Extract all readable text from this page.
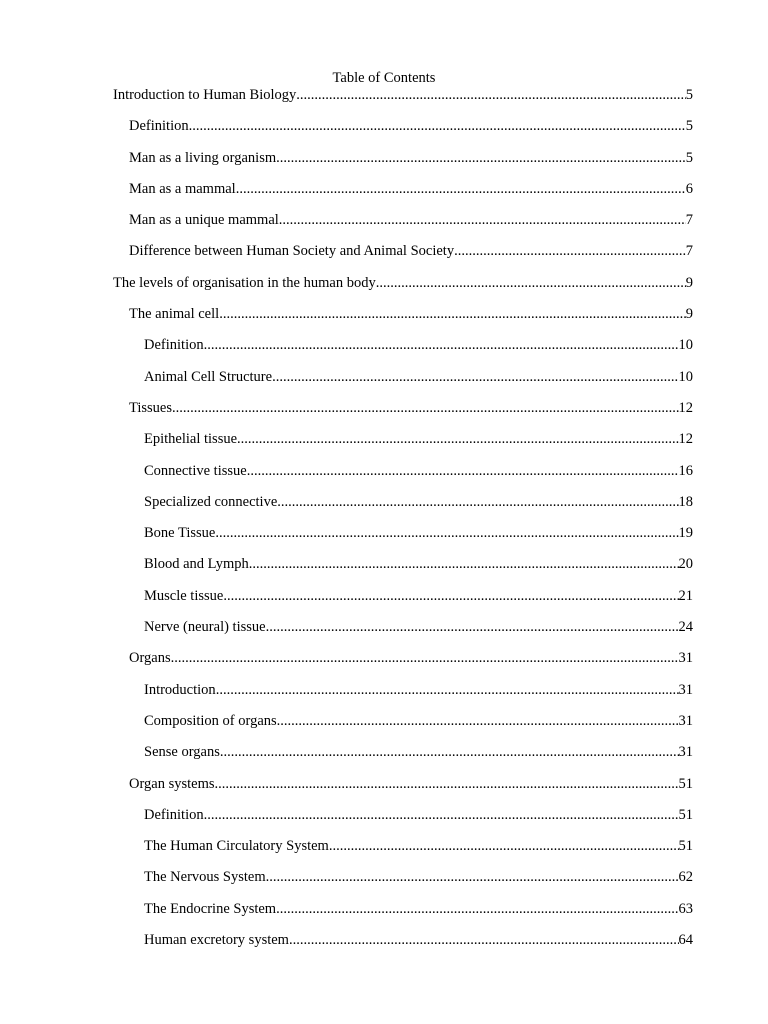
Table of Contents
Introduction to Human Biology .....	5
Definition .....	5
Man as a living organism .....	5
Man as a mammal .....	6
Man as a unique mammal .....	7
Difference between Human Society and Animal Society .....	7
The levels of organisation in the human body .....	9
The animal cell .....	9
Definition .....	10
Animal Cell Structure .....	10
Tissues .....	12
Epithelial tissue .....	12
Connective tissue .....	16
Specialized connective .....	18
Bone Tissue .....	19
Blood and Lymph .....	20
Muscle tissue .....	21
Nerve (neural) tissue .....	24
Organs .....	31
Introduction .....	31
Composition of organs .....	31
Sense organs .....	31
Organ systems .....	51
Definition .....	51
The Human Circulatory System .....	51
The Nervous System .....	62
The Endocrine System .....	63
Human excretory system .....	64
